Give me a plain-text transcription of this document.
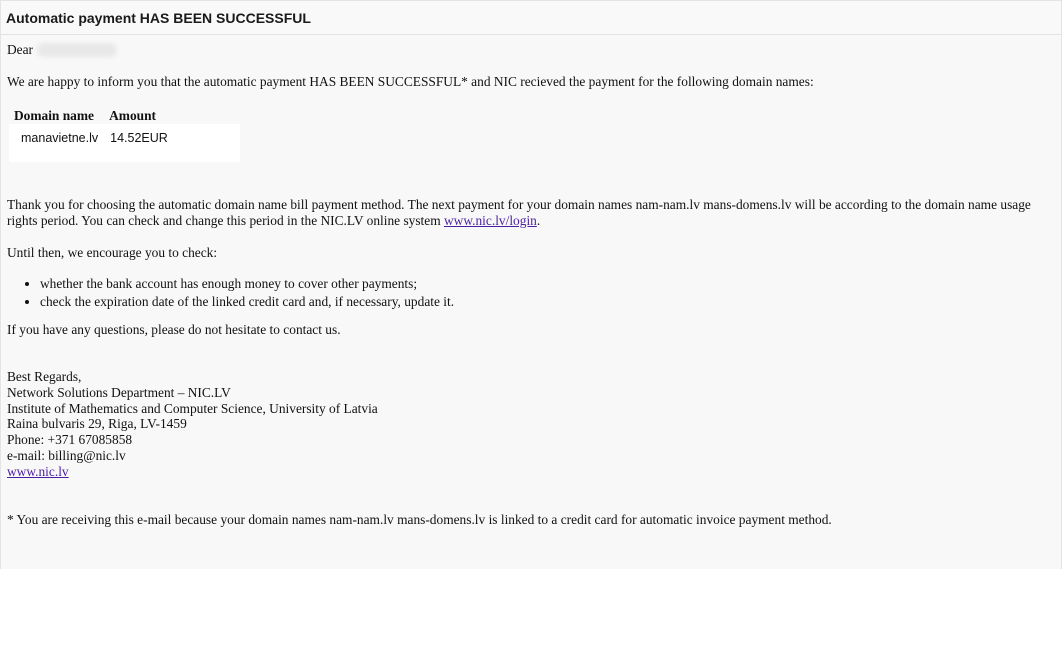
Automatic payment HAS BEEN SUCCESSFUL
Dear

We are happy to inform you that the automatic payment HAS BEEN SUCCESSFUL* and NIC recieved the payment for the following domain names:

Domain name	Amount
manavietne.lv	14.52EUR

Thank you for choosing the automatic domain name bill payment method. The next payment for your domain names nam-nam.lv mans-domens.lv will be according to the domain name usage rights period. You can check and change this period in the NIC.LV online system www.nic.lv/login.

Until then, we encourage you to check:

• whether the bank account has enough money to cover other payments;
• check the expiration date of the linked credit card and, if necessary, update it.

If you have any questions, please do not hesitate to contact us.

Best Regards,
Network Solutions Department – NIC.LV
Institute of Mathematics and Computer Science, University of Latvia
Raina bulvaris 29, Riga, LV-1459
Phone: +371 67085858
e-mail: billing@nic.lv
www.nic.lv

* You are receiving this e-mail because your domain names nam-nam.lv mans-domens.lv is linked to a credit card for automatic invoice payment method.
